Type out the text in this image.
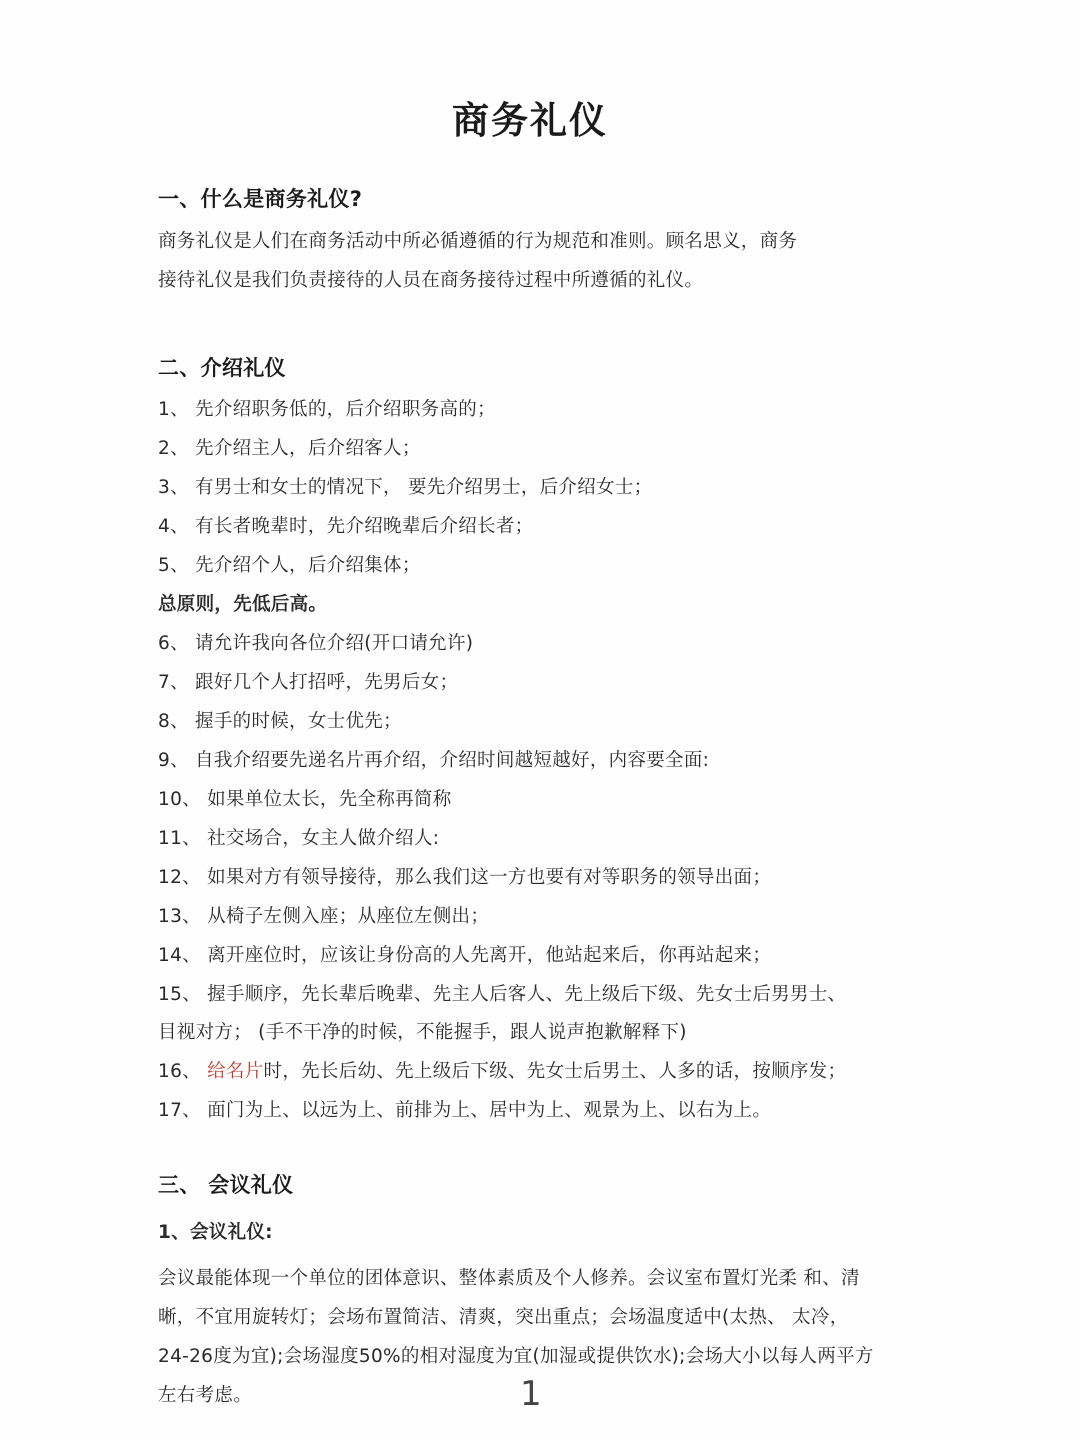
商务礼仪
一、什么是商务礼仪?
商务礼仪是人们在商务活动中所必循遵循的行为规范和准则。顾名思义，商务
接待礼仪是我们负责接待的人员在商务接待过程中所遵循的礼仪。
二、介绍礼仪
1、 先介绍职务低的，后介绍职务高的；
2、 先介绍主人，后介绍客人；
3、 有男士和女士的情况下， 要先介绍男士，后介绍女士；
4、 有长者晚辈时，先介绍晚辈后介绍长者；
5、 先介绍个人，后介绍集体；
总原则，先低后高。
6、 请允许我向各位介绍(开口请允许)
7、 跟好几个人打招呼，先男后女；
8、 握手的时候，女士优先；
9、 自我介绍要先递名片再介绍，介绍时间越短越好，内容要全面:
10、 如果单位太长，先全称再简称
11、 社交场合，女主人做介绍人:
12、 如果对方有领导接待，那么我们这一方也要有对等职务的领导出面；
13、 从椅子左侧入座；从座位左侧出；
14、 离开座位时，应该让身份高的人先离开，他站起来后，你再站起来；
15、 握手顺序，先长辈后晚辈、先主人后客人、先上级后下级、先女士后男男士、
目视对方； (手不干净的时候，不能握手，跟人说声抱歉解释下)
16、 给名片时，先长后幼、先上级后下级、先女士后男土、人多的话，按顺序发；
17、 面门为上、以远为上、前排为上、居中为上、观景为上、以右为上。
三、 会议礼仪
1、会议礼仪:
会议最能体现一个单位的团体意识、整体素质及个人修养。会议室布置灯光柔 和、清
晰，不宜用旋转灯；会场布置简洁、清爽，突出重点；会场温度适中(太热、 太冷，
24-26度为宜);会场湿度50%的相对湿度为宜(加湿或提供饮水);会场大小以每人两平方
左右考虑。	1
